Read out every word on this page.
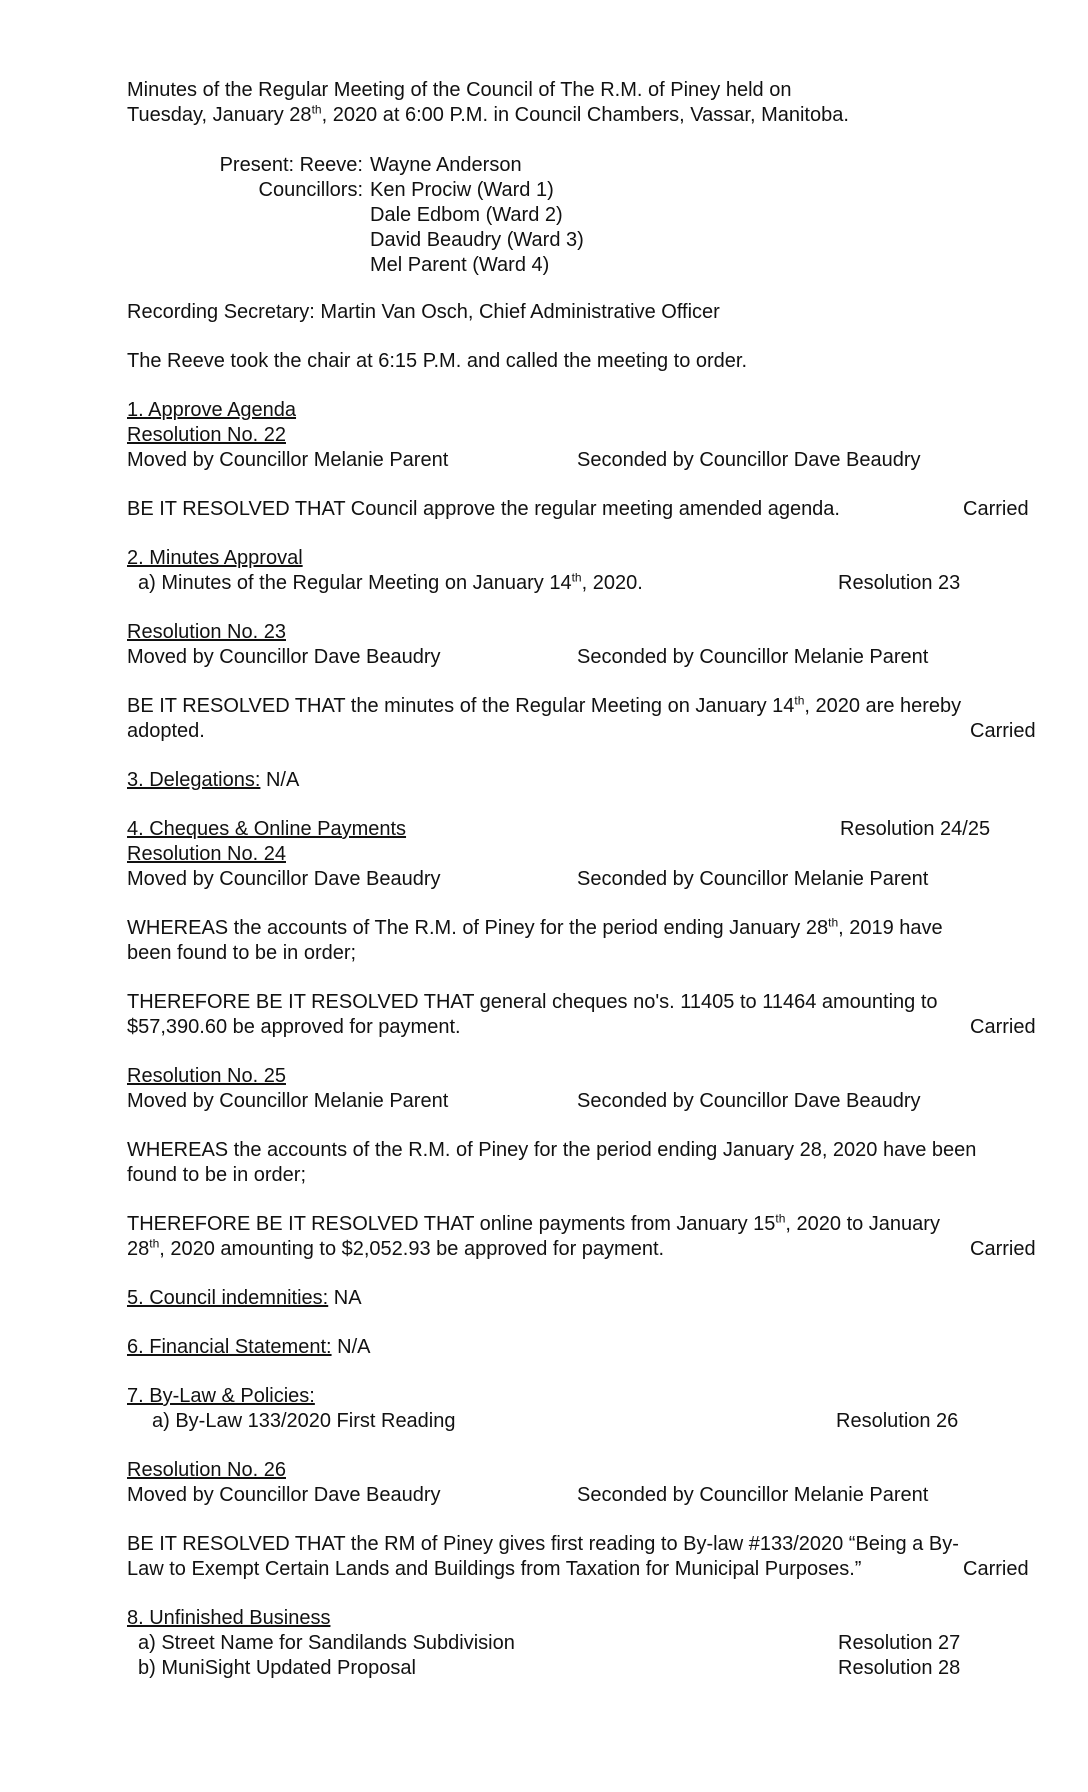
Minutes of the Regular Meeting of the Council of The R.M. of Piney held on
Tuesday, January 28th, 2020 at 6:00 P.M. in Council Chambers, Vassar, Manitoba.
Present: Reeve: Wayne Anderson
Councillors: Ken Prociw (Ward 1)
Dale Edbom (Ward 2)
David Beaudry (Ward 3)
Mel Parent (Ward 4)
Recording Secretary: Martin Van Osch, Chief Administrative Officer
The Reeve took the chair at 6:15 P.M. and called the meeting to order.
1. Approve Agenda
Resolution No. 22
Moved by Councillor Melanie Parent	Seconded by Councillor Dave Beaudry
BE IT RESOLVED THAT Council approve the regular meeting amended agenda.	Carried
2. Minutes Approval
a) Minutes of the Regular Meeting on January 14th, 2020.	Resolution 23
Resolution No. 23
Moved by Councillor Dave Beaudry	Seconded by Councillor Melanie Parent
BE IT RESOLVED THAT the minutes of the Regular Meeting on January 14th, 2020 are hereby
adopted.	Carried
3. Delegations: N/A
4. Cheques & Online Payments	Resolution 24/25
Resolution No. 24
Moved by Councillor Dave Beaudry	Seconded by Councillor Melanie Parent
WHEREAS the accounts of The R.M. of Piney for the period ending January 28th, 2019 have
been found to be in order;
THEREFORE BE IT RESOLVED THAT general cheques no's. 11405 to 11464 amounting to
$57,390.60 be approved for payment.	Carried
Resolution No. 25
Moved by Councillor Melanie Parent	Seconded by Councillor Dave Beaudry
WHEREAS the accounts of the R.M. of Piney for the period ending January 28, 2020 have been
found to be in order;
THEREFORE BE IT RESOLVED THAT online payments from January 15th, 2020 to January
28th, 2020 amounting to $2,052.93 be approved for payment.	Carried
5. Council indemnities: NA
6. Financial Statement: N/A
7. By-Law & Policies:
a) By-Law 133/2020 First Reading	Resolution 26
Resolution No. 26
Moved by Councillor Dave Beaudry	Seconded by Councillor Melanie Parent
BE IT RESOLVED THAT the RM of Piney gives first reading to By-law #133/2020 “Being a By-
Law to Exempt Certain Lands and Buildings from Taxation for Municipal Purposes.”	Carried
8. Unfinished Business
a) Street Name for Sandilands Subdivision	Resolution 27
b) MuniSight Updated Proposal	Resolution 28
